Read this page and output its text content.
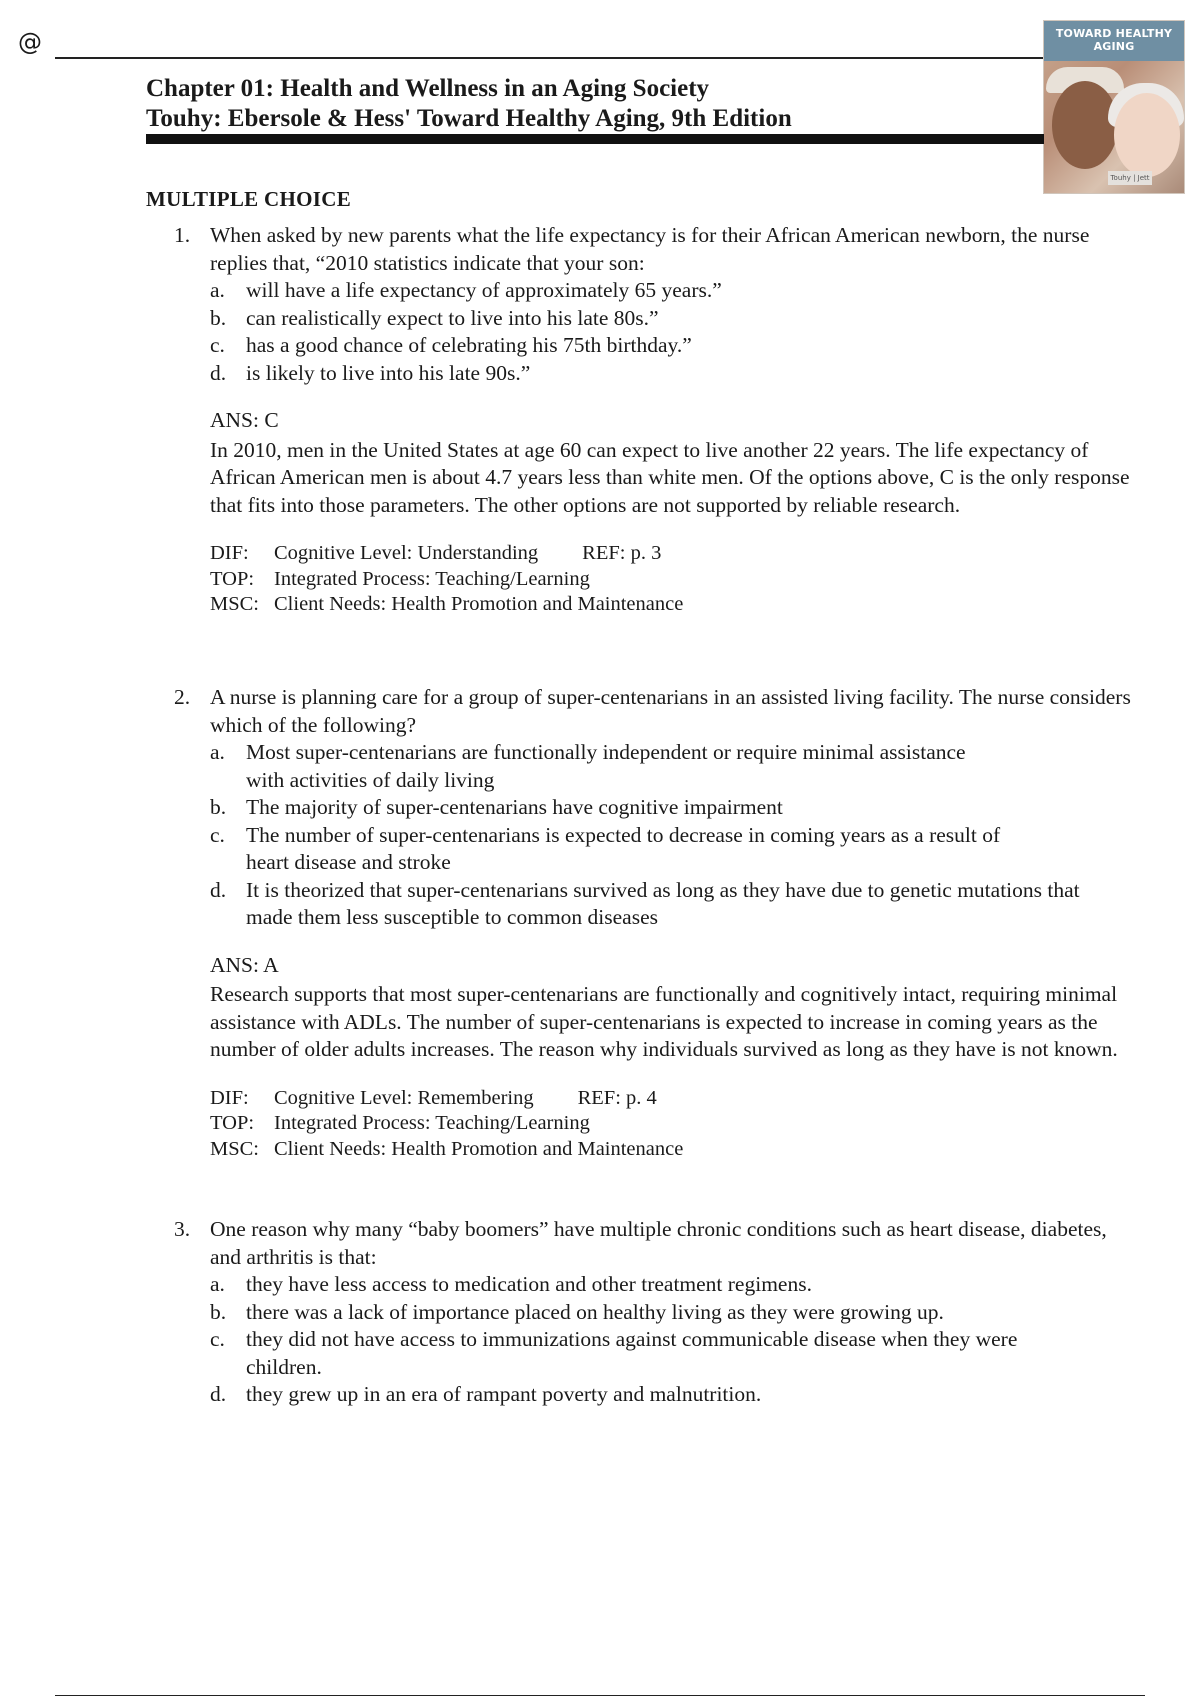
@	TOWARD HEALTHY AGING
Touhy | Jett
Chapter 01: Health and Wellness in an Aging Society
Touhy: Ebersole & Hess' Toward Healthy Aging, 9th Edition
MULTIPLE CHOICE
1. When asked by new parents what the life expectancy is for their African American newborn, the nurse replies that, “2010 statistics indicate that your son:
a. will have a life expectancy of approximately 65 years.”
b. can realistically expect to live into his late 80s.”
c. has a good chance of celebrating his 75th birthday.”
d. is likely to live into his late 90s.”
ANS: C
In 2010, men in the United States at age 60 can expect to live another 22 years. The life expectancy of African American men is about 4.7 years less than white men. Of the options above, C is the only response that fits into those parameters. The other options are not supported by reliable research.
DIF:	Cognitive Level: Understanding REF: p. 3
TOP: Integrated Process: Teaching/Learning
MSC: Client Needs: Health Promotion and Maintenance
2. A nurse is planning care for a group of super-centenarians in an assisted living facility. The nurse considers which of the following?
a. Most super-centenarians are functionally independent or require minimal assistance with activities of daily living
b. The majority of super-centenarians have cognitive impairment
c. The number of super-centenarians is expected to decrease in coming years as a result of heart disease and stroke
d. It is theorized that super-centenarians survived as long as they have due to genetic mutations that made them less susceptible to common diseases
ANS: A
Research supports that most super-centenarians are functionally and cognitively intact, requiring minimal assistance with ADLs. The number of super-centenarians is expected to increase in coming years as the number of older adults increases. The reason why individuals survived as long as they have is not known.
DIF:	Cognitive Level: Remembering REF: p. 4
TOP: Integrated Process: Teaching/Learning
MSC: Client Needs: Health Promotion and Maintenance
3. One reason why many “baby boomers” have multiple chronic conditions such as heart disease, diabetes, and arthritis is that:
a. they have less access to medication and other treatment regimens.
b. there was a lack of importance placed on healthy living as they were growing up.
c. they did not have access to immunizations against communicable disease when they were children.
d. they grew up in an era of rampant poverty and malnutrition.
